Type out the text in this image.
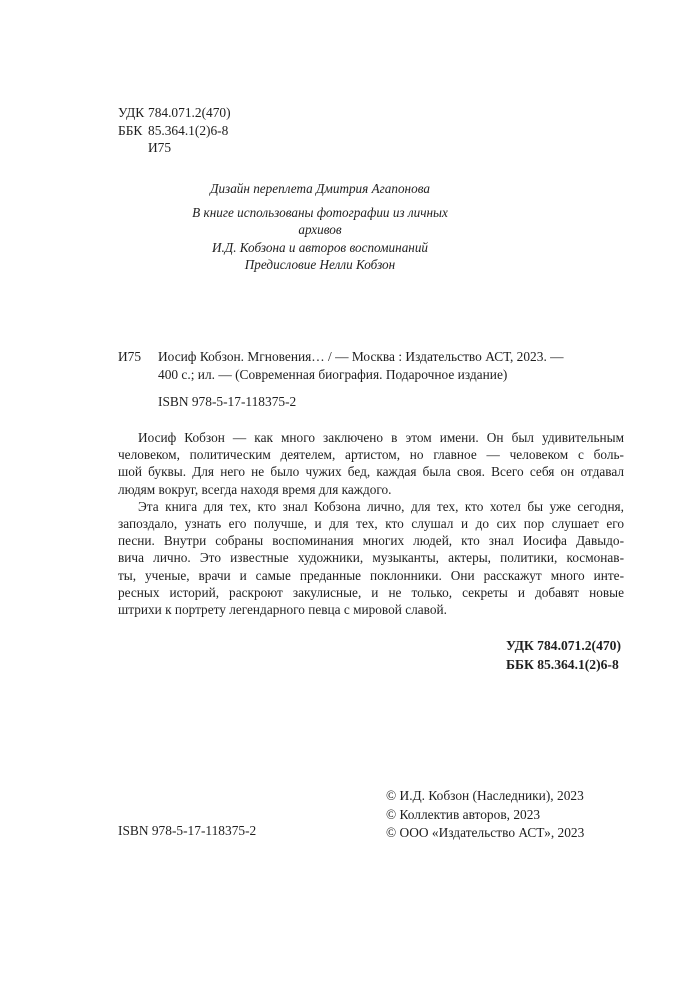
УДК 784.071.2(470)
ББК 85.364.1(2)6-8
И75
Дизайн переплета Дмитрия Агапонова
В книге использованы фотографии из личных архивов
И.Д. Кобзона и авторов воспоминаний
Предисловие Нелли Кобзон
И75 Иосиф Кобзон. Мгновения… / — Москва : Издательство АСТ, 2023. —
400 с.; ил. — (Современная биография. Подарочное издание)
ISBN 978-5-17-118375-2
Иосиф Кобзон — как много заключено в этом имени. Он был удивительным
человеком, политическим деятелем, артистом, но главное — человеком с боль-
шой буквы. Для него не было чужих бед, каждая была своя. Всего себя он отдавал
людям вокруг, всегда находя время для каждого.
Эта книга для тех, кто знал Кобзона лично, для тех, кто хотел бы уже сегодня,
запоздало, узнать его получше, и для тех, кто слушал и до сих пор слушает его
песни. Внутри собраны воспоминания многих людей, кто знал Иосифа Давыдо-
вича лично. Это известные художники, музыканты, актеры, политики, космонав-
ты, ученые, врачи и самые преданные поклонники. Они расскажут много инте-
ресных историй, раскроют закулисные, и не только, секреты и добавят новые
штрихи к портрету легендарного певца с мировой славой.
УДК 784.071.2(470)
ББК 85.364.1(2)6-8
© И.Д. Кобзон (Наследники), 2023
© Коллектив авторов, 2023
© ООО «Издательство АСТ», 2023
ISBN 978-5-17-118375-2
